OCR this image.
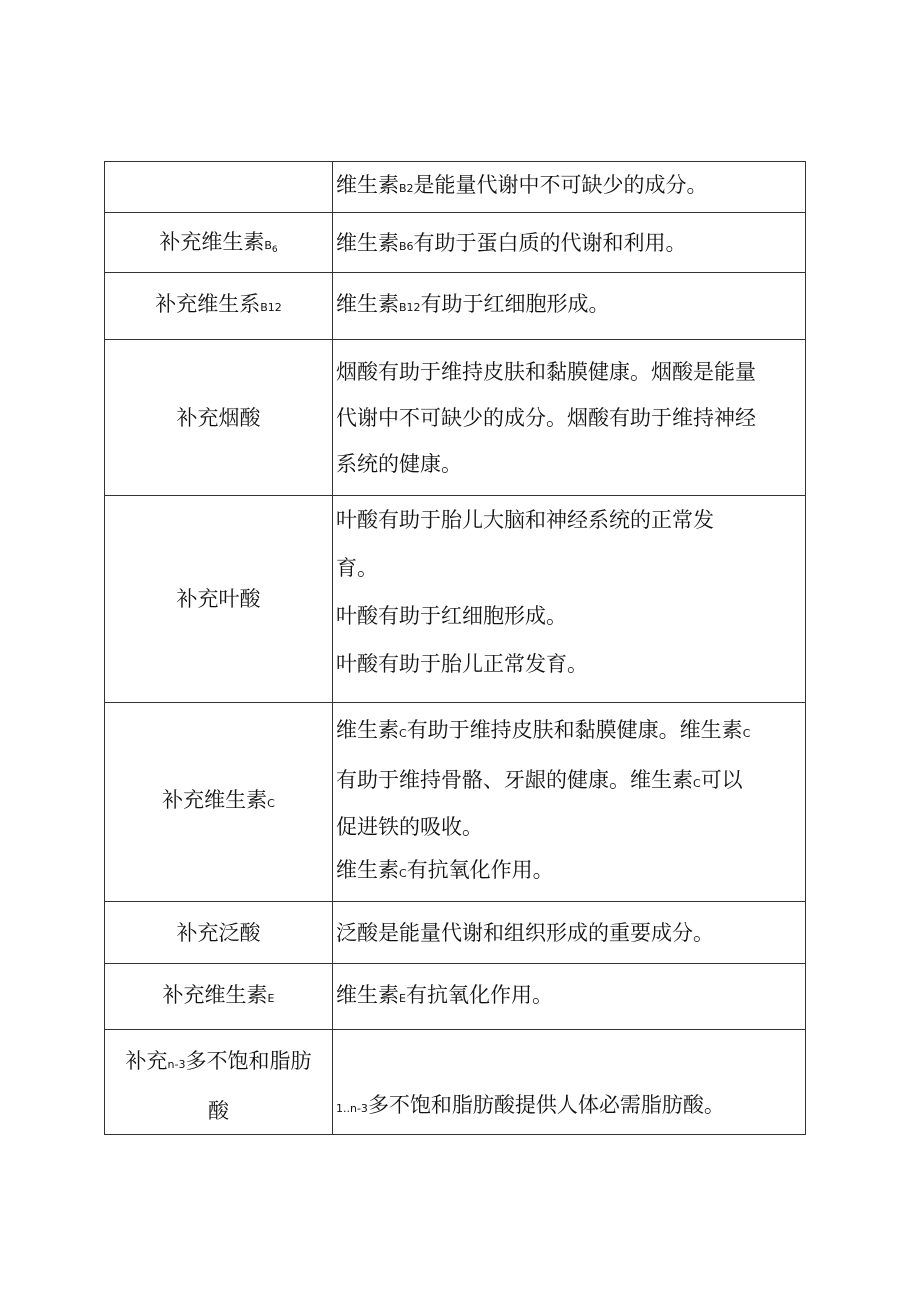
	维生素B2是能量代谢中不可缺少的成分。
补充维生素B6	维生素B6有助于蛋白质的代谢和利用。
补充维生系B12	维生素B12有助于红细胞形成。
补充烟酸	烟酸有助于维持皮肤和黏膜健康。烟酸是能量
代谢中不可缺少的成分。烟酸有助于维持神经
系统的健康。

补充叶酸	叶酸有助于胎儿大脑和神经系统的正常发
育。
叶酸有助于红细胞形成。
叶酸有助于胎儿正常发育。

补充维生素C	维生素C有助于维持皮肤和黏膜健康。维生素C
有助于维持骨骼、牙龈的健康。维生素C可以
促进铁的吸收。
维生素C有抗氧化作用。

补充泛酸	泛酸是能量代谢和组织形成的重要成分。
补充维生素E	维生素E有抗氧化作用。

补充n-3多不饱和脂肪
酸	1..n-3多不饱和脂肪酸提供人体必需脂肪酸。
